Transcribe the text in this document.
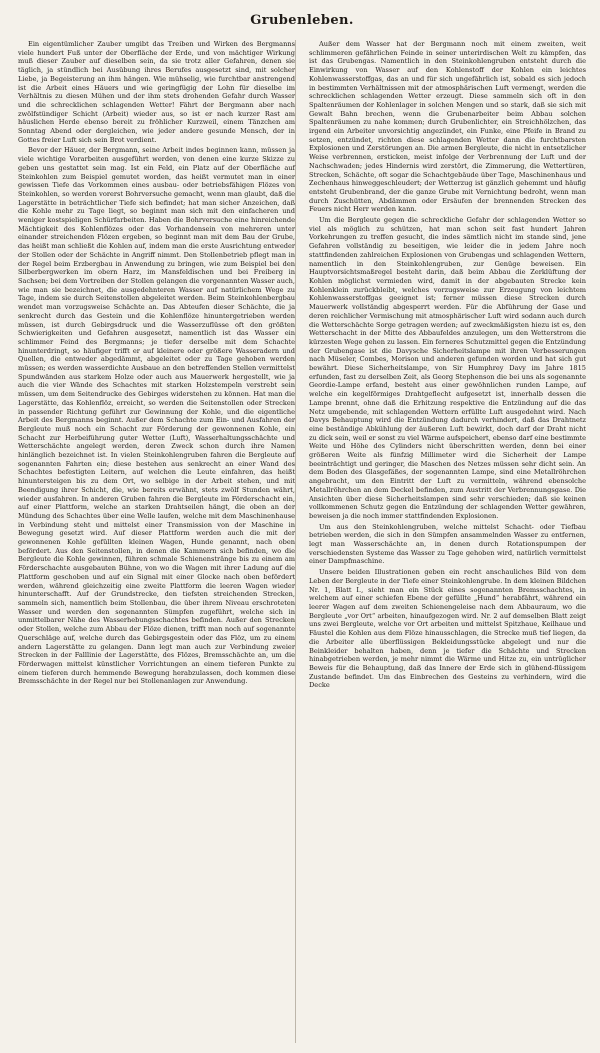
Grubenleben.

Ein eigentümlicher Zauber umgibt das Treiben und Wirken des Bergmanns viele hundert Fuß unter der Oberfläche der Erde, und von mächtiger Wirkung muß dieser Zauber auf dieselben sein, da sie trotz aller Gefahren, denen sie täglich, ja stündlich bei Ausübung ihres Berufes ausgesetzt sind, mit solcher Liebe, ja Begeisterung an ihm hängen. Wie mühselig, wie furchtbar anstrengend ist die Arbeit eines Häuers und wie geringfügig der Lohn für dieselbe im Verhältnis zu diesen Mühen und der ihm stets drohenden Gefahr durch Wasser und die schrecklichen schlagenden Wetter! Fährt der Bergmann aber nach zwölfstündiger Schicht (Arbeit) wieder aus, so ist er nach kurzer Rast am häuslichen Herde ebenso bereit zu fröhlicher Kurzweil, einem Tänzchen am Sonntag Abend oder dergleichen, wie jeder andere gesunde Mensch, der in Gottes freier Luft sich sein Brot verdient.

Bevor der Häuer, der Bergmann, seine Arbeit indes beginnen kann, müssen ja viele wichtige Vorarbeiten ausgeführt werden, von denen eine kurze Skizze zu geben uns gestattet sein mag. Ist ein Feld, ein Platz auf der Oberfläche auf Steinkohlen zum Beispiel gemutet worden, das heißt vermutet man in einer gewissen Tiefe das Vorkommen eines ausbau- oder betriebsfähigen Flözes von Steinkohlen, so werden vorerst Bohrversuche gemacht, wenn man glaubt, daß die Lagerstätte in beträchtlicher Tiefe sich befindet; hat man sicher Anzeichen, daß die Kohle mehr zu Tage liegt, so beginnt man sich mit den einfacheren und weniger kostspieligen Schürfarbeiten. Haben die Bohrversuche eine hinreichende Mächtigkeit des Kohlenflözes oder das Vorhandensein von mehreren unter einander streichenden Flözen ergeben, so beginnt man mit dem Bau der Grube, das heißt man schließt die Kohlen auf, indem man die erste Ausrichtung entweder der Stollen oder der Schächte in Angriff nimmt. Den Stollenbetrieb pflegt man in der Regel beim Erzbergbau in Anwendung zu bringen, wie zum Beispiel bei den Silberbergwerken im obern Harz, im Mansfeldischen und bei Freiberg in Sachsen; bei dem Vortreiben der Stollen gelangen die vorgenannten Wasser auch, wie man sie bezeichnet, die ausgedehnteren Wasser auf natürlichem Wege zu Tage, indem sie durch Seitenstollen abgeleitet werden. Beim Steinkohlenbergbau wendet man vorzugsweise Schächte an. Das Abteufen dieser Schächte, die ja senkrecht durch das Gestein und die Kohlenflöze hinuntergetrieben werden müssen, ist durch Gebirgsdruck und die Wasserzuflüsse oft den größten Schwierigkeiten und Gefahren ausgesetzt, namentlich ist das Wasser ein schlimmer Feind des Bergmanns; je tiefer derselbe mit dem Schachte hinunterdringt, so häufiger trifft er auf kleinere oder größere Wasseradern und Quellen, die entweder abgedämmt, abgeleitet oder zu Tage gehoben werden müssen; es werden wasserdichte Ausbaue an den betreffenden Stellen vermittelst Spundwänden aus starkem Holze oder auch aus Mauerwerk hergestellt, wie ja auch die vier Wände des Schachtes mit starken Holzstempeln verstrebt sein müssen, um dem Seitendrucke des Gebirges widerstehen zu können. Hat man die Lagerstätte, das Kohlenflöz, erreicht, so werden die Seitenstollen oder Strecken in passender Richtung geführt zur Gewinnung der Kohle, und die eigentliche Arbeit des Bergmanns beginnt. Außer dem Schachte zum Ein- und Ausfahren der Bergleute muß noch ein Schacht zur Förderung der gewonnenen Kohle, ein Schacht zur Herbeiführung guter Wetter (Luft), Wasserhaltungsschächte und Wetterschächte angelegt werden, deren Zweck schon durch ihre Namen hinlänglich bezeichnet ist. In vielen Steinkohlengruben fahren die Bergleute auf sogenannten Fahrten ein; diese bestehen aus senkrecht an einer Wand des Schachtes befestigten Leitern, auf welchen die Leute einfahren, das heißt hinuntersteigen bis zu dem Ort, wo selbige in der Arbeit stehen, und mit Beendigung ihrer Schicht, die, wie bereits erwähnt, stets zwölf Stunden währt, wieder ausfahren. In anderen Gruben fahren die Bergleute im Förderschacht ein, auf einer Plattform, welche an starken Drahtseilen hängt, die oben an der Mündung des Schachtes über eine Welle laufen, welche mit dem Maschinenhause in Verbindung steht und mittelst einer Transmission von der Maschine in Bewegung gesetzt wird. Auf dieser Plattform werden auch die mit der gewonnenen Kohle gefüllten kleinen Wagen, Hunde genannt, nach oben befördert. Aus den Seitenstollen, in denen die Kammern sich befinden, wo die Bergleute die Kohle gewinnen, führen schmale Schienenstränge bis zu einem am Förderschachte ausgebauten Bühne, von wo die Wagen mit ihrer Ladung auf die Plattform geschoben und auf ein Signal mit einer Glocke nach oben befördert werden, während gleichzeitig eine zweite Plattform die leeren Wagen wieder hinunterschafft. Auf der Grundstrecke, den tiefsten streichenden Strecken, sammeln sich, namentlich beim Stollenbau, die über ihrem Niveau erschroteten Wasser und werden den sogenannten Sümpfen zugeführt, welche sich in unmittelbarer Nähe des Wasserhebungsschachtes befinden. Außer den Strecken oder Stollen, welche zum Abbau der Flöze dienen, trifft man noch auf sogenannte Querschläge auf, welche durch das Gebirgsgestein oder das Flöz, um zu einem andern Lagerstätte zu gelangen. Dann legt man auch zur Verbindung zweier Strecken in der Falllinie der Lagerstätte, des Flözes, Bremsschächte an, um die Förderwagen mittelst künstlicher Vorrichtungen an einem tieferen Punkte zu einem tieferen durch hemmende Bewegung herabzulassen, doch kommen diese Bremsschächte in der Regel nur bei Stollenanlagen zur Anwendung.

Außer dem Wasser hat der Bergmann noch mit einem zweiten, weit schlimmeren gefährlichen Feinde in seiner unterirdischen Welt zu kämpfen, das ist das Grubengas. Namentlich in den Steinkohlengruben entsteht durch die Einwirkung von Wasser auf den Kohlenstoff der Kohlen ein leichtes Kohlenwasserstoffgas, das an und für sich ungefährlich ist, sobald es sich jedoch in bestimmten Verhältnissen mit der atmosphärischen Luft vermengt, werden die schrecklichen schlagenden Wetter erzeugt. Diese sammeln sich oft in den Spaltenräumen der Kohlenlager in solchen Mengen und so stark, daß sie sich mit Gewalt Bahn brechen, wenn die Grubenarbeiter beim Abbau solchen Spaltenräumen zu nahe kommen; durch Grubenlichter, ein Streichhölzchen, das irgend ein Arbeiter unvorsichtig angezündet, ein Funke, eine Pfeife in Brand zu setzen, entzündet, richten diese schlagenden Wetter dann die furchtbarsten Explosionen und Zerstörungen an. Die armen Bergleute, die nicht in entsetzlicher Weise verbrennen, ersticken, meist infolge der Verbrennung der Luft und der Nachschwaden; jedes Hindernis wird zerstört, die Zimmerung, die Wettertüren, Strecken, Schächte, oft sogar die Schachtgebäude über Tage, Maschinenhaus und Zechenhaus hinweggeschleudert; der Wetterzug ist gänzlich gehemmt und häufig entsteht Grubenbrand, der die ganze Grube mit Vernichtung bedroht, wenn man durch Zuschütten, Abdämmen oder Ersäufen der brennenden Strecken des Feuers nicht Herr werden kann.

Um die Bergleute gegen die schreckliche Gefahr der schlagenden Wetter so viel als möglich zu schützen, hat man schon seit fast hundert Jahren Vorkehrungen zu treffen gesucht, die indes sämtlich nicht im stande sind, jene Gefahren vollständig zu beseitigen, wie leider die in jedem Jahre noch stattfindenden zahlreichen Explosionen von Grubengas und schlagenden Wettern, namentlich in den Steinkohlengruben, zur Genüge beweisen. Ein Hauptvorsichtsmaßregel besteht darin, daß beim Abbau die Zerklüftung der Kohlen möglichst vermieden wird, damit in der abgebauten Strecke kein Kohlenklein zurückbleibt, welches vorzugsweise zur Erzeugung von leichtem Kohlenwasserstoffgas geeignet ist; ferner müssen diese Strecken durch Mauerwerk vollständig abgesperrt werden. Für die Abführung der Gase und deren reichlicher Vermischung mit atmosphärischer Luft wird sodann auch durch die Wetterschächte Sorge getragen werden; auf zweckmäßigsten hiezu ist es, den Wetterschacht in der Mitte des Abbaufeldes anzulegen, um den Wetterstrom die kürzesten Wege gehen zu lassen. Ein ferneres Schutzmittel gegen die Entzündung der Grubengase ist die Davysche Sicherheitslampe mit ihren Verbesserungen nach Müseler, Combes, Morison und anderen gefunden worden und hat sich gut bewährt. Diese Sicherheitslampe, von Sir Humphrey Davy im Jahre 1815 erfunden, fast zu derselben Zeit, als Georg Stephenson die bei uns als sogenannte Geordie-Lampe erfand, besteht aus einer gewöhnlichen runden Lampe, auf welche ein kegelförmiges Drahtgeflecht aufgesetzt ist, innerhalb dessen die Lampe brennt, ohne daß die Erhitzung respektive die Entzündung auf die das Netz umgebende, mit schlagenden Wettern erfüllte Luft ausgedehnt wird. Nach Davys Behauptung wird die Entzündung dadurch verhindert, daß das Drahtnetz eine beständige Abkühlung der äußeren Luft bewirkt, doch darf der Draht nicht zu dick sein, weil er sonst zu viel Wärme aufspeichert, ebenso darf eine bestimmte Weite und Höhe des Cylinders nicht überschritten werden, denn bei einer größeren Weite als fünfzig Millimeter wird die Sicherheit der Lampe beeinträchtigt und geringer, die Maschen des Netzes müssen sehr dicht sein. An dem Boden des Glasgefäßes, der sogenannten Lampe, sind eine Metallröhrchen angebracht, um den Eintritt der Luft zu vermitteln, während ebensolche Metallröhrchen an dem Deckel befinden, zum Austritt der Verbrennungsgase. Die Ansichten über diese Sicherheitslampen sind sehr verschieden; daß sie keinen vollkommenen Schutz gegen die Entzündung der schlagenden Wetter gewähren, beweisen ja die noch immer stattfindenden Explosionen.

Um aus den Steinkohlengruben, welche mittelst Schacht- oder Tiefbau betrieben werden, die sich in den Sümpfen ansammelnden Wasser zu entfernen, legt man Wasserschächte an, in denen durch Rotationspumpen der verschiedensten Systeme das Wasser zu Tage gehoben wird, natürlich vermittelst einer Dampfmaschine.

Unsere beiden Illustrationen geben ein recht anschauliches Bild von dem Leben der Bergleute in der Tiefe einer Steinkohlengrube. In dem kleinen Bildchen Nr. 1, Blatt I., sieht man ein Stück eines sogenannten Bremsschachtes, in welchem auf einer schiefen Ebene der gefüllte „Hund“ herabfährt, während ein leerer Wagen auf dem zweiten Schienengeleise nach dem Abbauraum, wo die Bergleute „vor Ort“ arbeiten, hinaufgezogen wird. Nr. 2 auf demselben Blatt zeigt uns zwei Bergleute, welche vor Ort arbeiten und mittelst Spitzhaue, Keilhaue und Fäustel die Kohlen aus dem Flöze hinausschlagen, die Strecke muß tief liegen, da die Arbeiter alle überflüssigen Bekleidungsstücke abgelegt und nur die Beinkleider behalten haben, denn je tiefer die Schächte und Strecken hinabgetrieben werden, je mehr nimmt die Wärme und Hitze zu, ein untrüglicher Beweis für die Behauptung, daß das Innere der Erde sich in glühend-flüssigem Zustande befindet. Um das Einbrechen des Gesteins zu verhindern, wird die Decke
